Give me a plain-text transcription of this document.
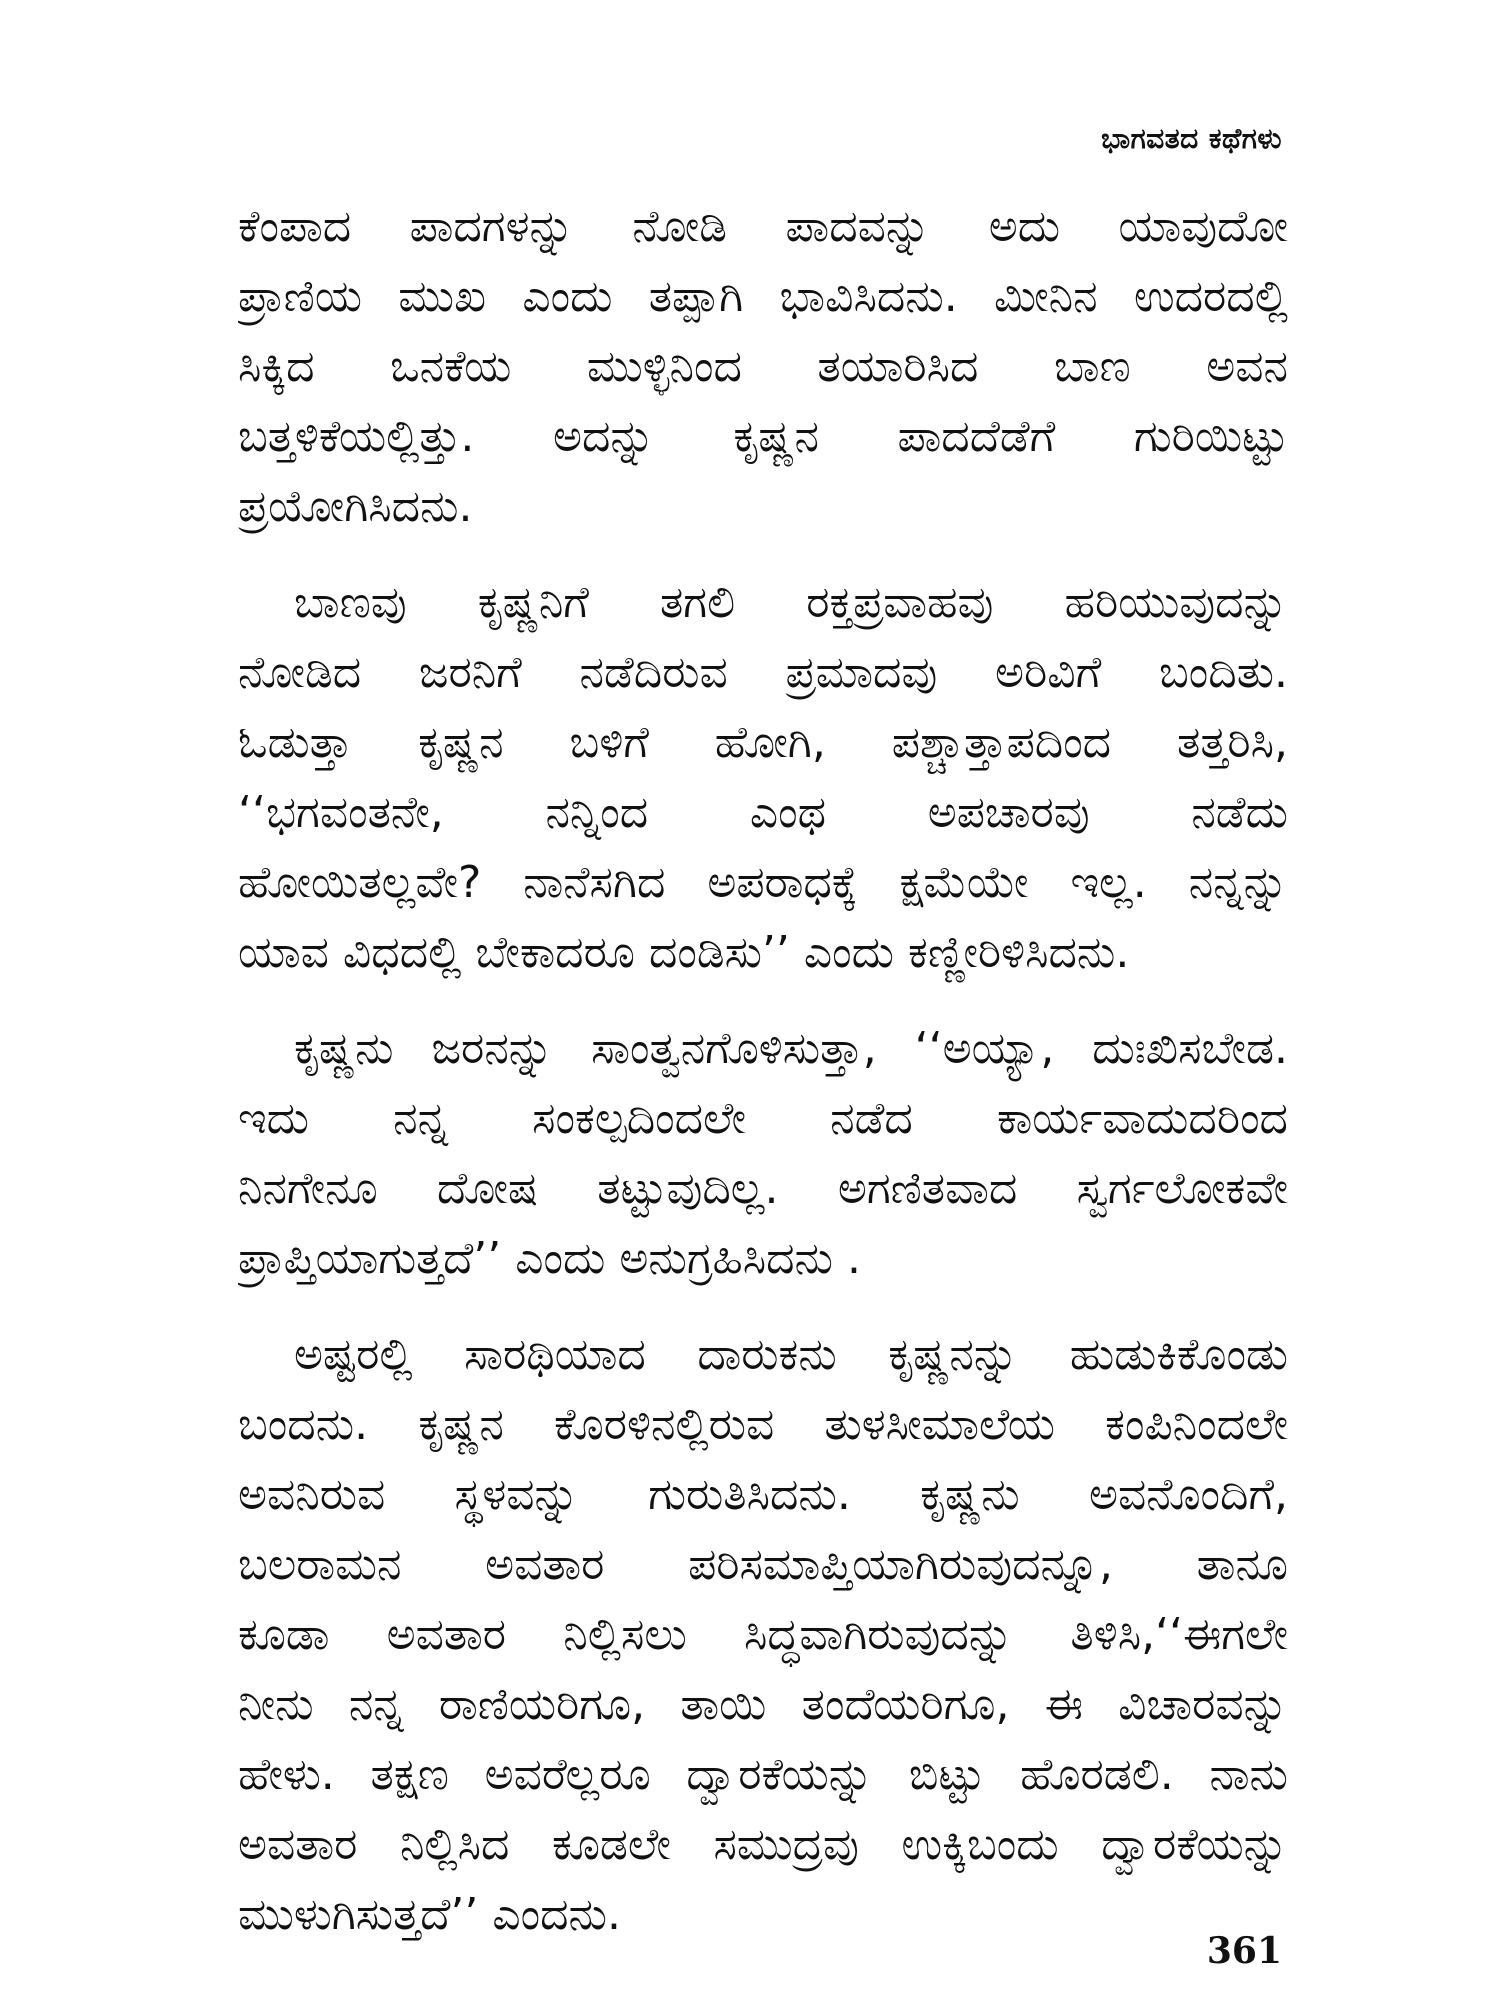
ಭಾಗವತದ ಕಥೆಗಳು
ಕೆಂಪಾದ ಪಾದಗಳನ್ನು ನೋಡಿ ಪಾದವನ್ನು ಅದು ಯಾವುದೋ
ಪ್ರಾಣಿಯ ಮುಖ ಎಂದು ತಪ್ಪಾಗಿ ಭಾವಿಸಿದನು. ಮೀನಿನ ಉದರದಲ್ಲಿ
ಸಿಕ್ಕಿದ ಒನಕೆಯ ಮುಳ್ಳಿನಿಂದ ತಯಾರಿಸಿದ ಬಾಣ ಅವನ
ಬತ್ತಳಿಕೆಯಲ್ಲಿತ್ತು. ಅದನ್ನು ಕೃಷ್ಣನ ಪಾದದೆಡೆಗೆ ಗುರಿಯಿಟ್ಟು
ಪ್ರಯೋಗಿಸಿದನು.
ಬಾಣವು ಕೃಷ್ಣನಿಗೆ ತಗಲಿ ರಕ್ತಪ್ರವಾಹವು ಹರಿಯುವುದನ್ನು
ನೋಡಿದ ಜರನಿಗೆ ನಡೆದಿರುವ ಪ್ರಮಾದವು ಅರಿವಿಗೆ ಬಂದಿತು.
ಓಡುತ್ತಾ ಕೃಷ್ಣನ ಬಳಿಗೆ ಹೋಗಿ, ಪಶ್ಚಾತ್ತಾಪದಿಂದ ತತ್ತರಿಸಿ,
‘‘ಭಗವಂತನೇ, ನನ್ನಿಂದ ಎಂಥ ಅಪಚಾರವು ನಡೆದು
ಹೋಯಿತಲ್ಲವೇ? ನಾನೆಸಗಿದ ಅಪರಾಧಕ್ಕೆ ಕ್ಷಮೆಯೇ ಇಲ್ಲ. ನನ್ನನ್ನು
ಯಾವ ವಿಧದಲ್ಲಿ ಬೇಕಾದರೂ ದಂಡಿಸು’’ ಎಂದು ಕಣ್ಣೀರಿಳಿಸಿದನು.
ಕೃಷ್ಣನು ಜರನನ್ನು ಸಾಂತ್ವನಗೊಳಿಸುತ್ತಾ, ‘‘ಅಯ್ಯಾ, ದುಃಖಿಸಬೇಡ.
ಇದು ನನ್ನ ಸಂಕಲ್ಪದಿಂದಲೇ ನಡೆದ ಕಾರ್ಯವಾದುದರಿಂದ
ನಿನಗೇನೂ ದೋಷ ತಟ್ಟುವುದಿಲ್ಲ. ಅಗಣಿತವಾದ ಸ್ವರ್ಗಲೋಕವೇ
ಪ್ರಾಪ್ತಿಯಾಗುತ್ತದೆ’’ ಎಂದು ಅನುಗ್ರಹಿಸಿದನು .
ಅಷ್ಟರಲ್ಲಿ ಸಾರಥಿಯಾದ ದಾರುಕನು ಕೃಷ್ಣನನ್ನು ಹುಡುಕಿಕೊಂಡು
ಬಂದನು. ಕೃಷ್ಣನ ಕೊರಳಿನಲ್ಲಿರುವ ತುಳಸೀಮಾಲೆಯ ಕಂಪಿನಿಂದಲೇ
ಅವನಿರುವ ಸ್ಥಳವನ್ನು ಗುರುತಿಸಿದನು. ಕೃಷ್ಣನು ಅವನೊಂದಿಗೆ,
ಬಲರಾಮನ ಅವತಾರ ಪರಿಸಮಾಪ್ತಿಯಾಗಿರುವುದನ್ನೂ, ತಾನೂ
ಕೂಡಾ ಅವತಾರ ನಿಲ್ಲಿಸಲು ಸಿದ್ಧವಾಗಿರುವುದನ್ನು ತಿಳಿಸಿ,‘‘ಈಗಲೇ
ನೀನು ನನ್ನ ರಾಣಿಯರಿಗೂ, ತಾಯಿ ತಂದೆಯರಿಗೂ, ಈ ವಿಚಾರವನ್ನು
ಹೇಳು. ತಕ್ಷಣ ಅವರೆಲ್ಲರೂ ದ್ವಾರಕೆಯನ್ನು ಬಿಟ್ಟು ಹೊರಡಲಿ. ನಾನು
ಅವತಾರ ನಿಲ್ಲಿಸಿದ ಕೂಡಲೇ ಸಮುದ್ರವು ಉಕ್ಕಿಬಂದು ದ್ವಾರಕೆಯನ್ನು
ಮುಳುಗಿಸುತ್ತದೆ’’ ಎಂದನು.
361
